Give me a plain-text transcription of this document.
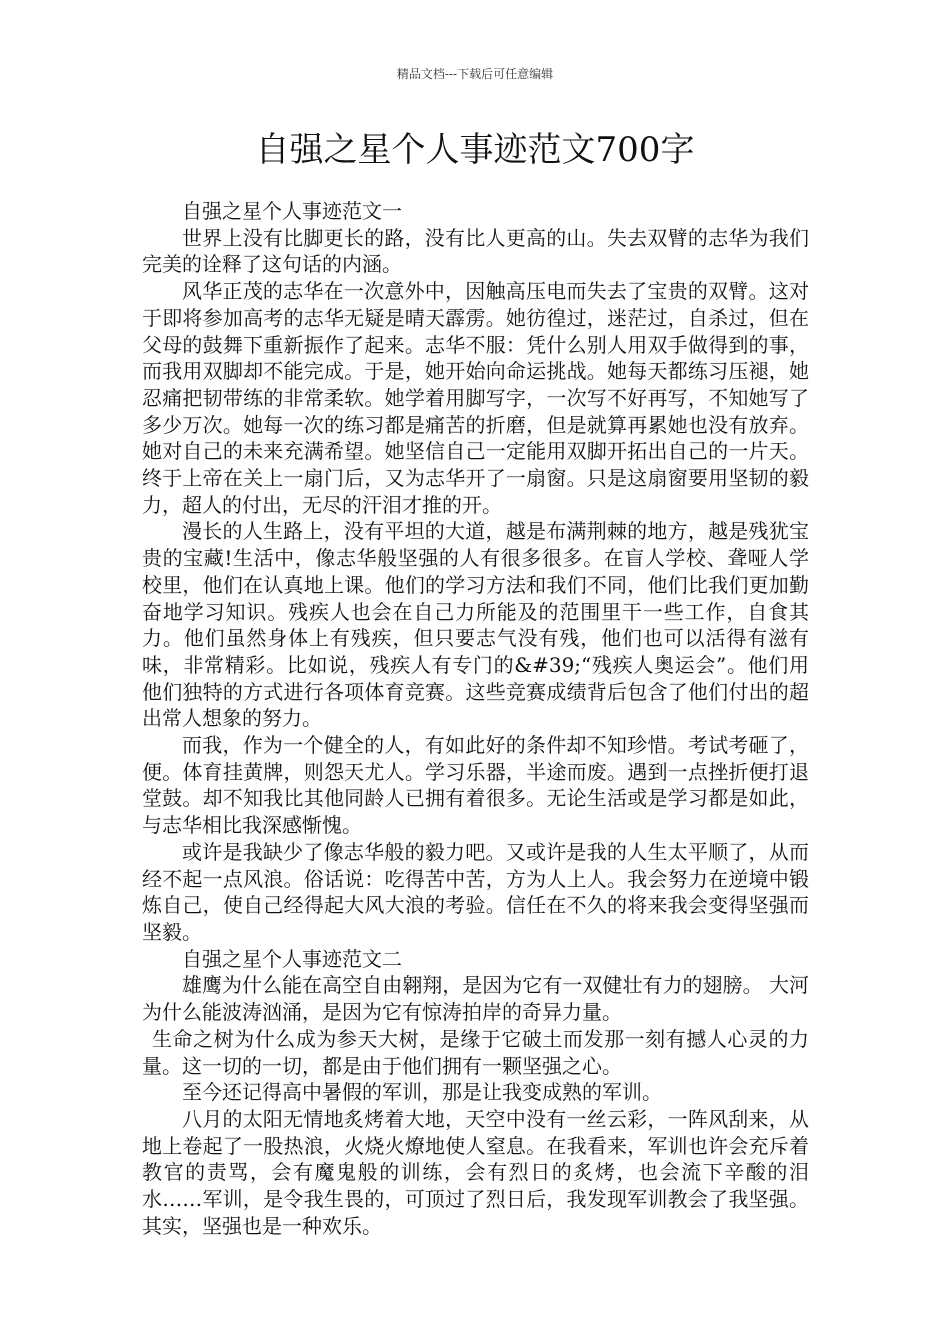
精品文档---下载后可任意编辑
自强之星个人事迹范文700字

自强之星个人事迹范文一

世界上没有比脚更长的路，没有比人更高的山。失去双臂的志华为我们完美的诠释了这句话的内涵。

风华正茂的志华在一次意外中，因触高压电而失去了宝贵的双臂。这对于即将参加高考的志华无疑是晴天霹雳。她彷徨过，迷茫过，自杀过，但在父母的鼓舞下重新振作了起来。志华不服：凭什么别人用双手做得到的事，而我用双脚却不能完成。于是，她开始向命运挑战。她每天都练习压褪，她忍痛把韧带练的非常柔软。她学着用脚写字，一次写不好再写，不知她写了多少万次。她每一次的练习都是痛苦的折磨，但是就算再累她也没有放弃。她对自己的未来充满希望。她坚信自己一定能用双脚开拓出自己的一片天。终于上帝在关上一扇门后，又为志华开了一扇窗。只是这扇窗要用坚韧的毅力，超人的付出，无尽的汗泪才推的开。

漫长的人生路上，没有平坦的大道，越是布满荆棘的地方，越是残犹宝贵的宝藏!生活中，像志华般坚强的人有很多很多。在盲人学校、聋哑人学校里，他们在认真地上课。他们的学习方法和我们不同，他们比我们更加勤奋地学习知识。残疾人也会在自己力所能及的范围里干一些工作，自食其力。他们虽然身体上有残疾，但只要志气没有残，他们也可以活得有滋有味，非常精彩。比如说，残疾人有专门的&#39;“残疾人奥运会”。他们用他们独特的方式进行各项体育竞赛。这些竞赛成绩背后包含了他们付出的超出常人想象的努力。

而我，作为一个健全的人，有如此好的条件却不知珍惜。考试考砸了，便。体育挂黄牌，则怨天尤人。学习乐器，半途而废。遇到一点挫折便打退堂鼓。却不知我比其他同龄人已拥有着很多。无论生活或是学习都是如此，与志华相比我深感惭愧。

或许是我缺少了像志华般的毅力吧。又或许是我的人生太平顺了，从而经不起一点风浪。俗话说：吃得苦中苦，方为人上人。我会努力在逆境中锻炼自己，使自己经得起大风大浪的考验。信任在不久的将来我会变得坚强而坚毅。

自强之星个人事迹范文二

雄鹰为什么能在高空自由翱翔，是因为它有一双健壮有力的翅膀。 大河为什么能波涛汹涌，是因为它有惊涛拍岸的奇异力量。

生命之树为什么成为参天大树，是缘于它破土而发那一刻有撼人心灵的力量。这一切的一切，都是由于他们拥有一颗坚强之心。

至今还记得高中暑假的军训，那是让我变成熟的军训。

八月的太阳无情地炙烤着大地，天空中没有一丝云彩，一阵风刮来，从地上卷起了一股热浪，火烧火燎地使人窒息。在我看来，军训也许会充斥着教官的责骂，会有魔鬼般的训练，会有烈日的炙烤，也会流下辛酸的泪水……军训，是令我生畏的，可顶过了烈日后，我发现军训教会了我坚强。其实，坚强也是一种欢乐。
